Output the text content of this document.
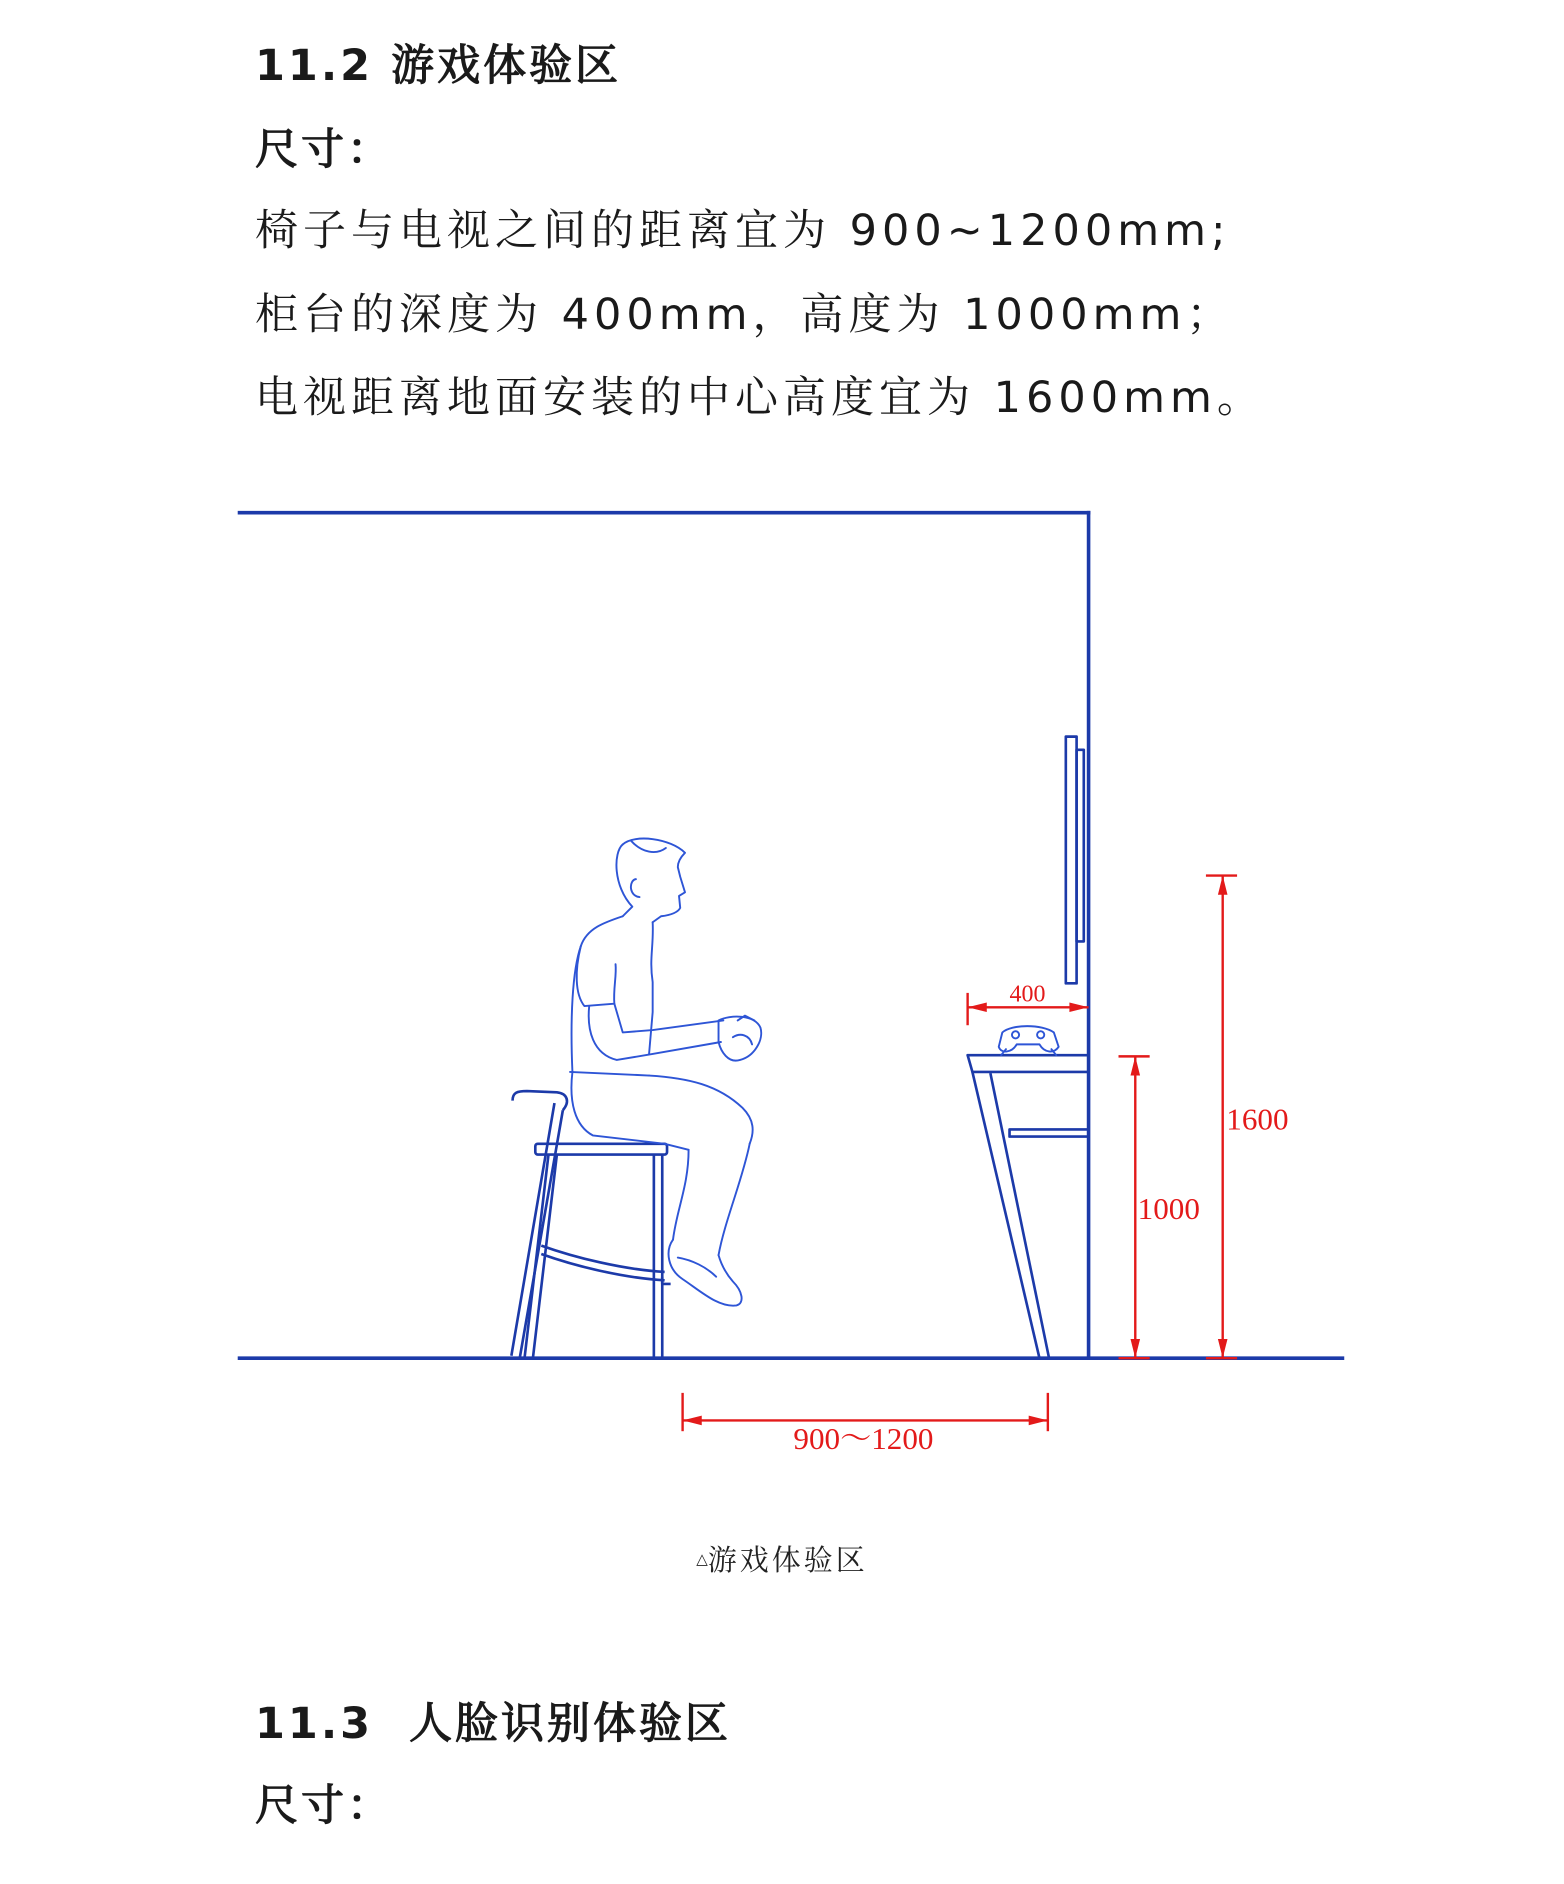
400
1000
1600
900～1200
11.2 游戏体验区

尺寸：

椅子与电视之间的距离宜为 900~1200mm;

柜台的深度为 400mm，高度为 1000mm；

电视距离地面安装的中心高度宜为 1600mm。

△游戏体验区
11.3  人脸识别体验区

尺寸：
